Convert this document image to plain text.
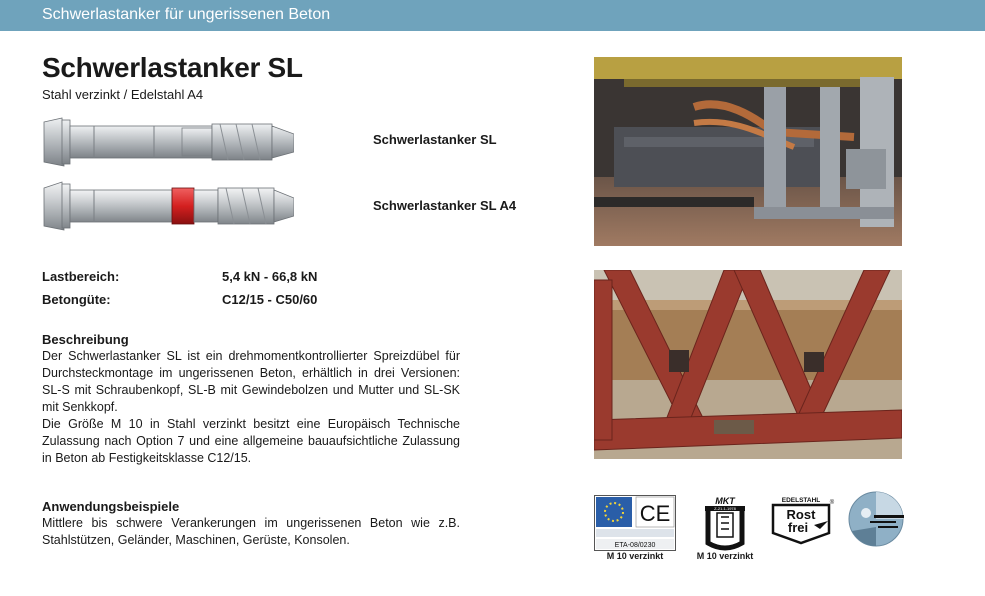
Schwerlastanker für ungerissenen Beton
Schwerlastanker SL
Stahl verzinkt / Edelstahl A4
Schwerlastanker SL
Schwerlastanker SL A4
Lastbereich:	5,4 kN - 66,8 kN
Betongüte:	C12/15 - C50/60
Beschreibung

Der Schwerlastanker SL ist ein drehmomentkontrollierter Spreizdübel für Durchsteckmontage im ungerissenen Beton, erhältlich in drei Versionen: SL-S mit Schraubenkopf, SL-B mit Gewindebolzen und Mutter und SL-SK mit Senkkopf.

Die Größe M 10 in Stahl verzinkt besitzt eine Europäisch Technische Zulassung nach Option 7 und eine allgemeine bauaufsichtliche Zulassung in Beton ab Festigkeitsklasse C12/15.

Anwendungsbeispiele
Mittlere bis schwere Verankerungen im ungerissenen Beton wie z.B. Stahlstützen, Geländer, Maschinen, Gerüste, Konsolen.
CE
ETA-08/0230
M 10 verzinkt
MKT
Z-21.1-1978
M 10 verzinkt
EDELSTAHL ®
Rost
frei
